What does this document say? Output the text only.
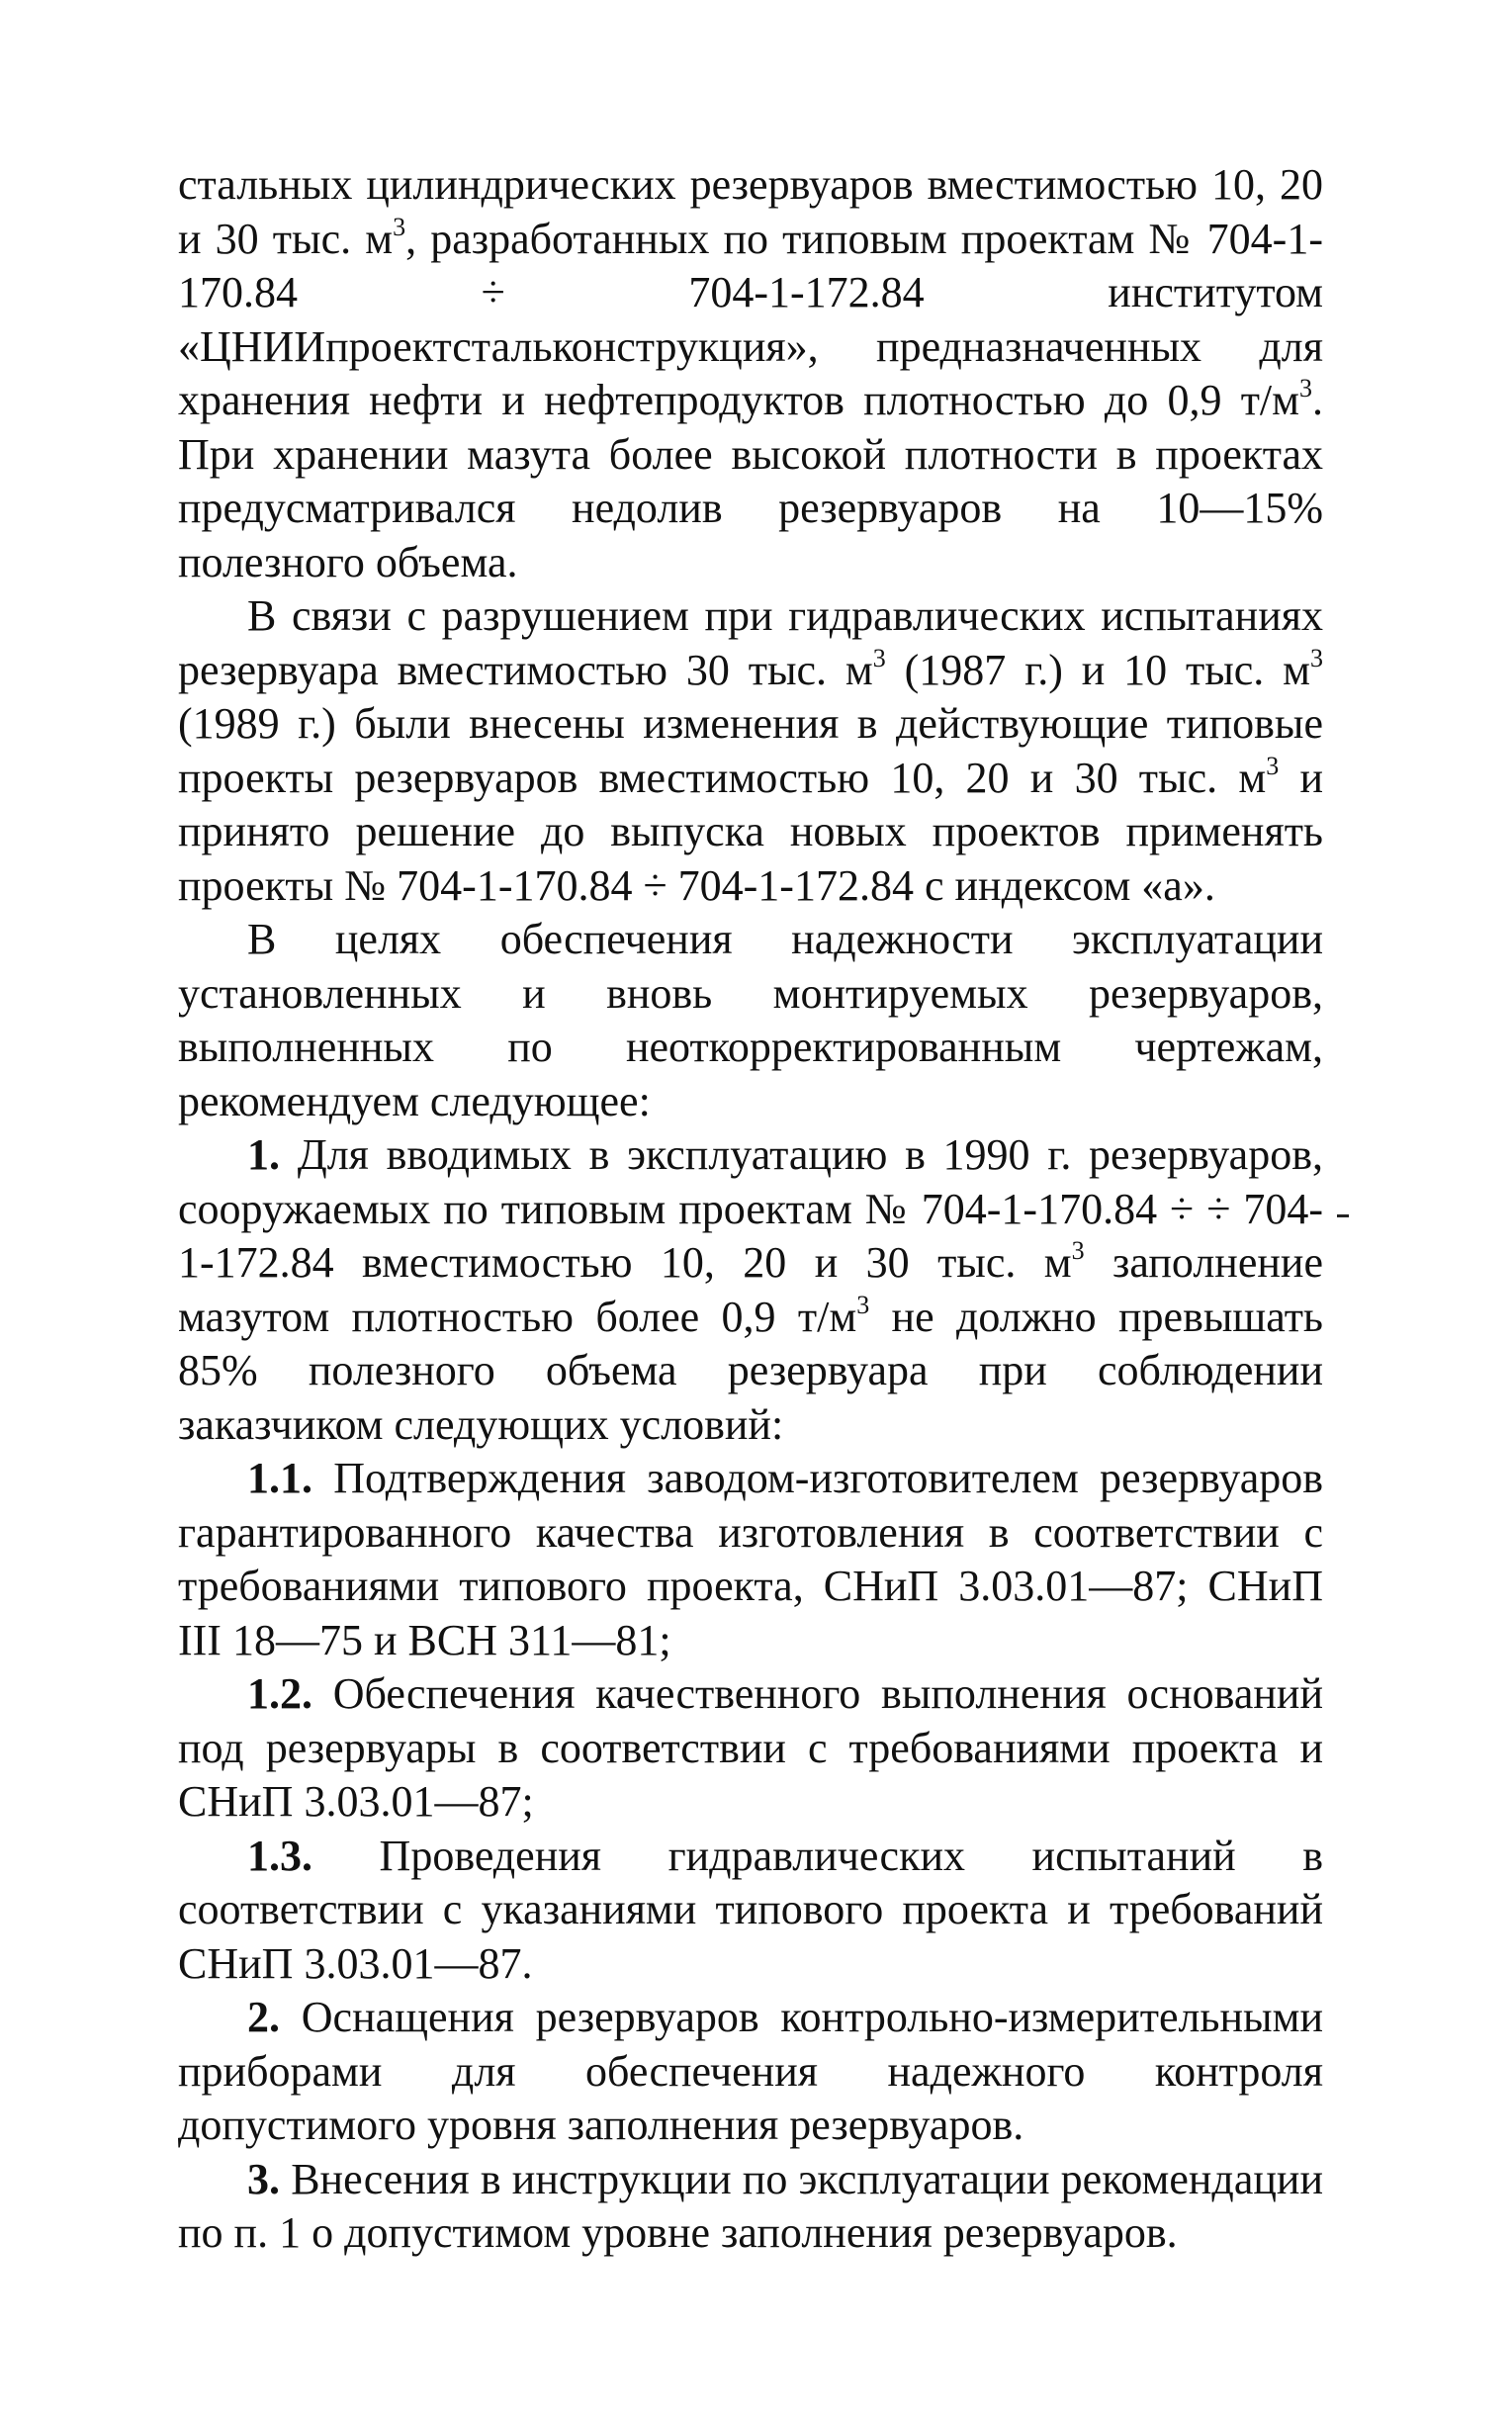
стальных цилиндрических резервуаров вместимостью 10, 20 и 30 тыс. $м^3$, разработанных по типовым проектам № 704-1-170.84 ÷ 704-1-172.84 институтом «ЦНИИпроектстальконструкция», предназначенных для хранения нефти и нефтепродуктов плотностью до 0,9 $т/м^3$. При хранении мазута более высокой плотности в проектах предусматривался недолив резервуаров на 10—15% полезного объема.

В связи с разрушением при гидравлических испытаниях резервуара вместимостью 30 тыс. $м^3$ (1987 г.) и 10 тыс. $м^3$ (1989 г.) были внесены изменения в действующие типовые проекты резервуаров вместимостью 10, 20 и 30 тыс. $м^3$ и принято решение до выпуска новых проектов применять проекты № 704-1-170.84 ÷ 704-1-172.84 с индексом «а».

В целях обеспечения надежности эксплуатации установленных и вновь монтируемых резервуаров, выполненных по неоткорректированным чертежам, рекомендуем следующее:

1. Для вводимых в эксплуатацию в 1990 г. резервуаров, сооружаемых по типовым проектам № 704-1-170.84 ÷ ÷ 704-1-172.84 вместимостью 10, 20 и 30 тыс. $м^3$ заполнение мазутом плотностью более 0,9 $т/м^3$ не должно превышать 85% полезного объема резервуара при соблюдении заказчиком следующих условий:

1.1. Подтверждения заводом-изготовителем резервуаров гарантированного качества изготовления в соответствии с требованиями типового проекта, СНиП 3.03.01—87; СНиП III 18—75 и ВСН 311—81;

1.2. Обеспечения качественного выполнения оснований под резервуары в соответствии с требованиями проекта и СНиП 3.03.01—87;

1.3. Проведения гидравлических испытаний в соответствии с указаниями типового проекта и требований СНиП 3.03.01—87.

2. Оснащения резервуаров контрольно-измерительными приборами для обеспечения надежного контроля допустимого уровня заполнения резервуаров.

3. Внесения в инструкции по эксплуатации рекомендации по п. 1 о допустимом уровне заполнения резервуаров.
